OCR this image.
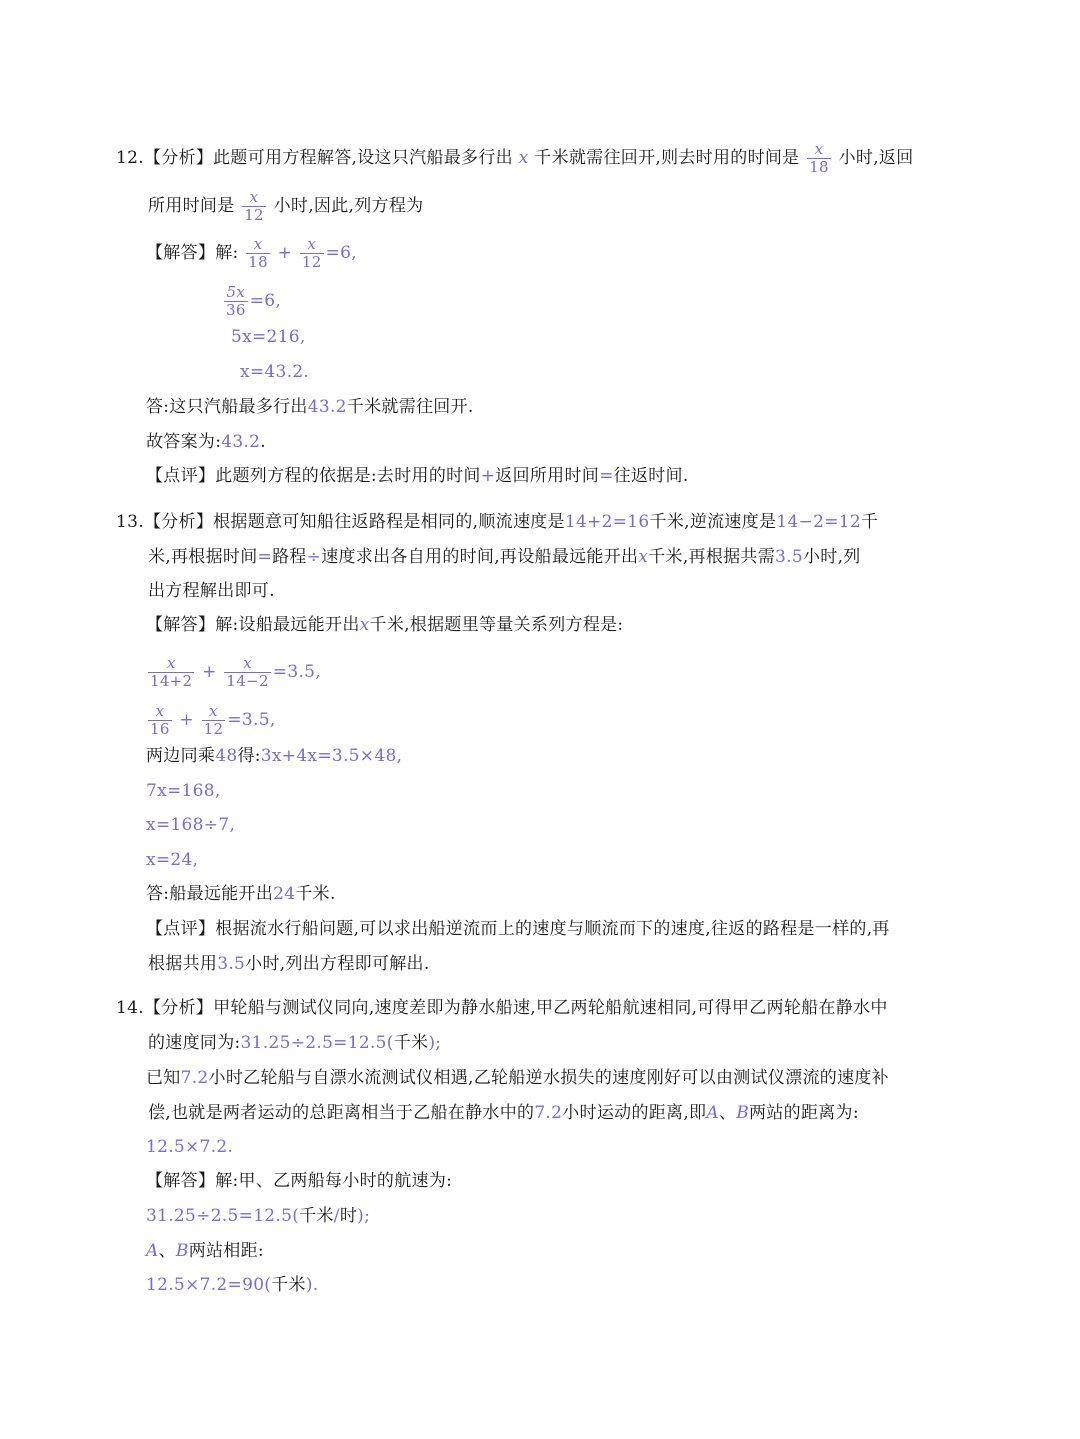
12.【分析】此题可用方程解答,设这只汽船最多行出 x 千米就需往回开,则去时用的时间是 $\frac{x}{18}$ 小时,返回
所用时间是 $\frac{x}{12}$ 小时,因此,列方程为
【解答】解: $\frac{x}{18} + \frac{x}{12} =6$,
$\frac{5x}{36} =6$,
5x=216,
x=43.2.
答:这只汽船最多行出43.2千米就需往回开.
故答案为:43.2.
【点评】此题列方程的依据是:去时用的时间+返回所用时间=往返时间.
13.【分析】根据题意可知船往返路程是相同的,顺流速度是14+2=16千米,逆流速度是14−2=12千
米,再根据时间=路程÷速度求出各自用的时间,再设船最远能开出x千米,再根据共需3.5小时,列
出方程解出即可.
【解答】解:设船最远能开出x千米,根据题里等量关系列方程是:
$\frac{x}{14+2} + \frac{x}{14-2} =3.5$,
$\frac{x}{16} + \frac{x}{12} =3.5$,
两边同乘48得:3x+4x=3.5×48,
7x=168,
x=168÷7,
x=24,
答:船最远能开出24千米.
【点评】根据流水行船问题,可以求出船逆流而上的速度与顺流而下的速度,往返的路程是一样的,再
根据共用3.5小时,列出方程即可解出.
14.【分析】甲轮船与测试仪同向,速度差即为静水船速,甲乙两轮船航速相同,可得甲乙两轮船在静水中
的速度同为:31.25÷2.5=12.5(千米);
已知7.2小时乙轮船与自漂水流测试仪相遇,乙轮船逆水损失的速度刚好可以由测试仪漂流的速度补
偿,也就是两者运动的总距离相当于乙船在静水中的7.2小时运动的距离,即A、B两站的距离为:
12.5×7.2.
【解答】解:甲、乙两船每小时的航速为:
31.25÷2.5=12.5(千米/时);
A、B两站相距:
12.5×7.2=90(千米).
